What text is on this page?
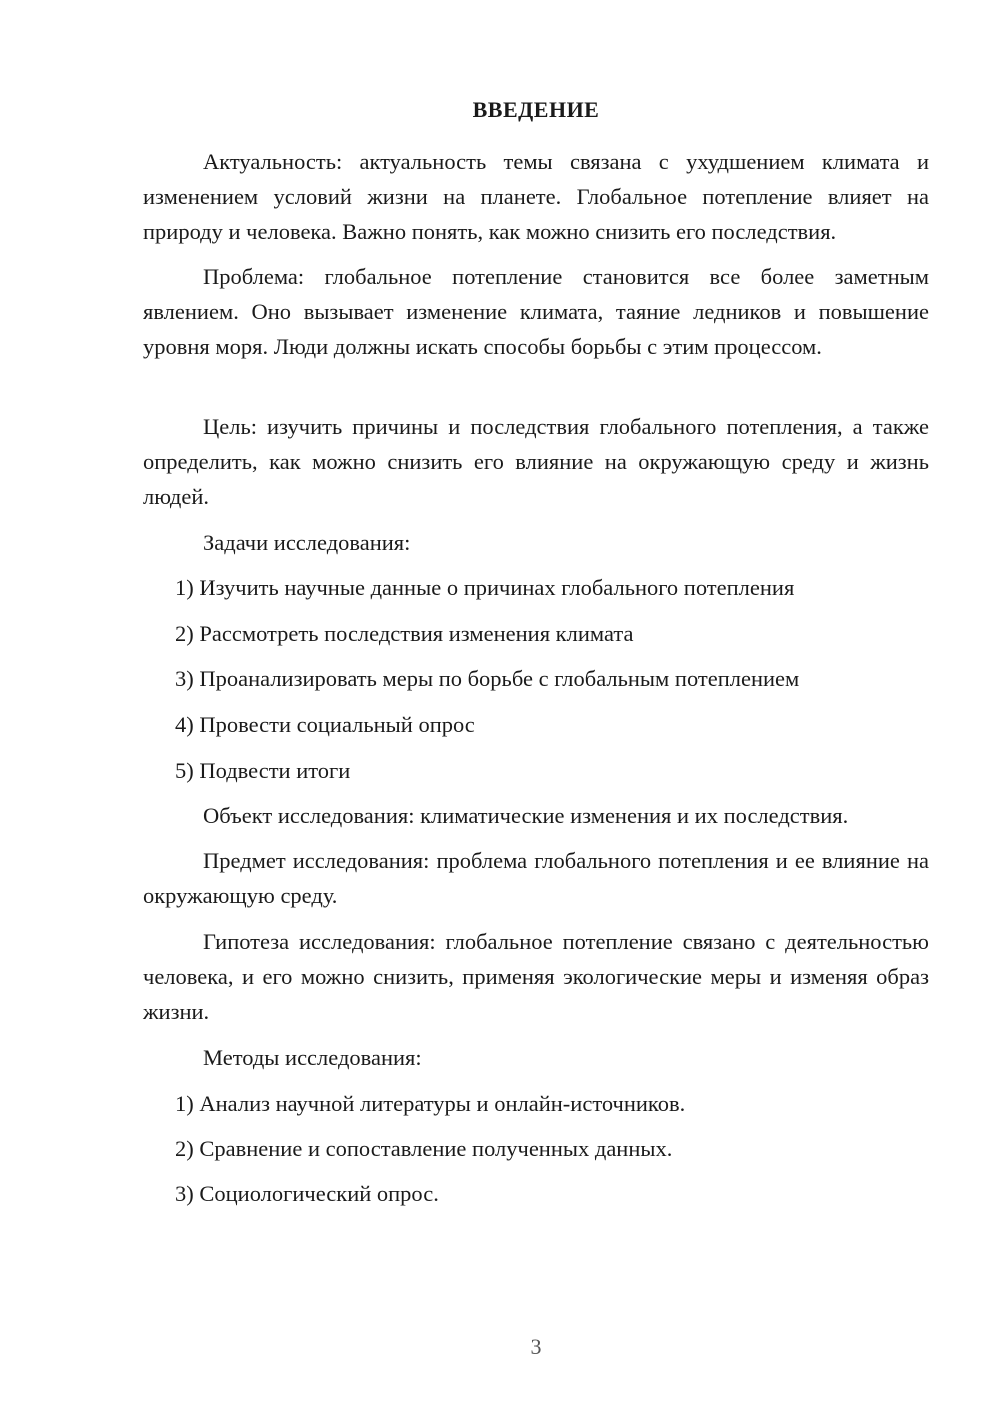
ВВЕДЕНИЕ

Актуальность: актуальность темы связана с ухудшением климата и изменением условий жизни на планете. Глобальное потепление влияет на природу и человека. Важно понять, как можно снизить его последствия.

Проблема: глобальное потепление становится все более заметным явлением. Оно вызывает изменение климата, таяние ледников и повышение уровня моря. Люди должны искать способы борьбы с этим процессом.

Цель: изучить причины и последствия глобального потепления, а также определить, как можно снизить его влияние на окружающую среду и жизнь людей.

Задачи исследования:
1) Изучить научные данные о причинах глобального потепления
2) Рассмотреть последствия изменения климата
3) Проанализировать меры по борьбе с глобальным потеплением
4) Провести социальный опрос
5) Подвести итоги
Объект исследования: климатические изменения и их последствия.

Предмет исследования: проблема глобального потепления и ее влияние на окружающую среду.

Гипотеза исследования: глобальное потепление связано с деятельностью человека, и его можно снизить, применяя экологические меры и изменяя образ жизни.

Методы исследования:
1) Анализ научной литературы и онлайн-источников.
2) Сравнение и сопоставление полученных данных.
3) Социологический опрос.
3
